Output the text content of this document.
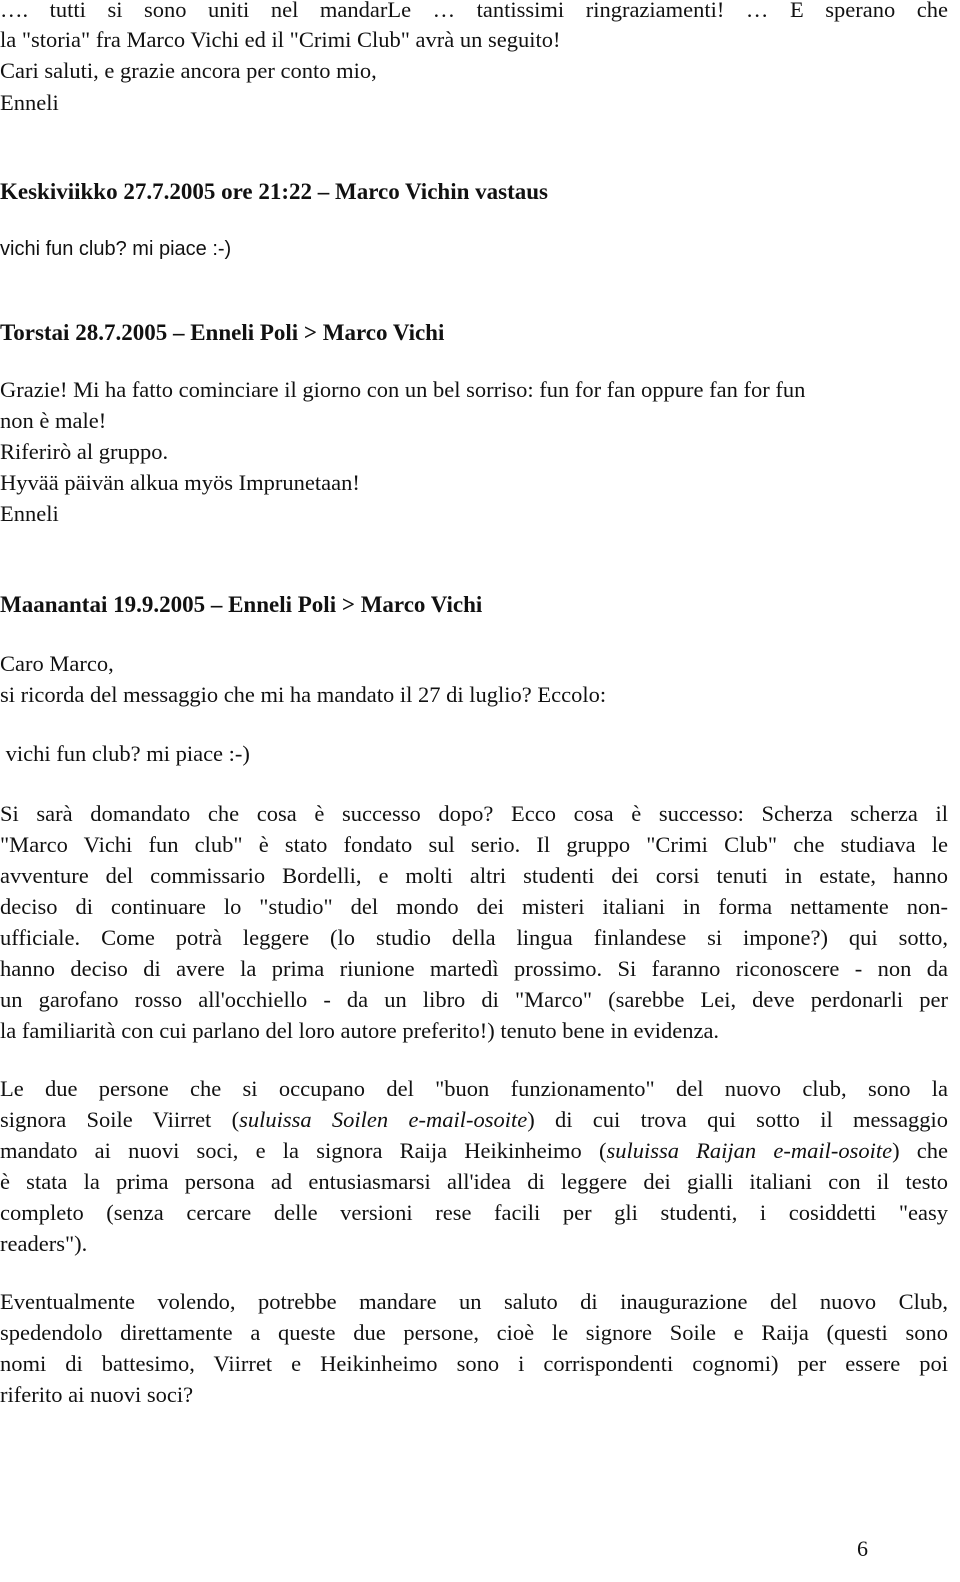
…. tutti si sono uniti nel mandarLe … tantissimi ringraziamenti! … E sperano che
la "storia" fra Marco Vichi ed il "Crimi Club" avrà un seguito!
Cari saluti, e grazie ancora per conto mio,
Enneli
Keskiviikko 27.7.2005 ore 21:22 – Marco Vichin vastaus
vichi fun club? mi piace :-)
Torstai 28.7.2005 – Enneli Poli > Marco Vichi
Grazie! Mi ha fatto cominciare il giorno con un bel sorriso: fun for fan oppure fan for fun
non è male!
Riferirò al gruppo.
Hyvää päivän alkua myös Imprunetaan!
Enneli
Maanantai 19.9.2005 – Enneli Poli > Marco Vichi
Caro Marco,
si ricorda del messaggio che mi ha mandato il 27 di luglio? Eccolo:
vichi fun club? mi piace :-)
Si sarà domandato che cosa è successo dopo? Ecco cosa è successo: Scherza scherza il
"Marco Vichi fun club" è stato fondato sul serio. Il gruppo "Crimi Club" che studiava le
avventure del commissario Bordelli, e molti altri studenti dei corsi tenuti in estate, hanno
deciso di continuare lo "studio" del mondo dei misteri italiani in forma nettamente non-
ufficiale. Come potrà leggere (lo studio della lingua finlandese si impone?) qui sotto,
hanno deciso di avere la prima riunione martedì prossimo. Si faranno riconoscere - non da
un garofano rosso all'occhiello - da un libro di "Marco" (sarebbe Lei, deve perdonarli per
la familiarità con cui parlano del loro autore preferito!) tenuto bene in evidenza.
Le due persone che si occupano del "buon funzionamento" del nuovo club, sono la
signora Soile Viirret (suluissa Soilen e-mail-osoite) di cui trova qui sotto il messaggio
mandato ai nuovi soci, e la signora Raija Heikinheimo (suluissa Raijan e-mail-osoite) che
è stata la prima persona ad entusiasmarsi all'idea di leggere dei gialli italiani con il testo
completo (senza cercare delle versioni rese facili per gli studenti, i cosiddetti "easy
readers").
Eventualmente volendo, potrebbe mandare un saluto di inaugurazione del nuovo Club,
spedendolo direttamente a queste due persone, cioè le signore Soile e Raija (questi sono
nomi di battesimo, Viirret e Heikinheimo sono i corrispondenti cognomi) per essere poi
riferito ai nuovi soci?
6
